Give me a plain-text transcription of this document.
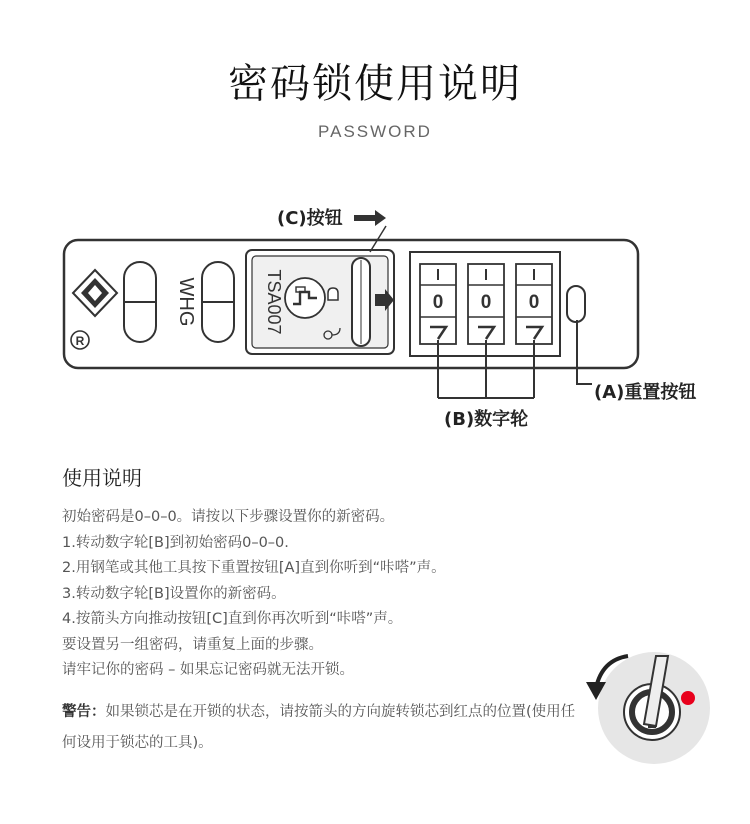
密码锁使用说明
PASSWORD
R
WHG	TSA007	0 0 0
(C)按钮
(A)重置按钮
(B)数字轮
使用说明
初始密码是0–0–0。请按以下步骤设置你的新密码。
1.转动数字轮[B]到初始密码0–0–0.
2.用钢笔或其他工具按下重置按钮[A]直到你听到“咔嗒”声。
3.转动数字轮[B]设置你的新密码。
4.按箭头方向推动按钮[C]直到你再次听到“咔嗒”声。
要设置另一组密码，请重复上面的步骤。
请牢记你的密码 – 如果忘记密码就无法开锁。
警告：如果锁芯是在开锁的状态，请按箭头的方向旋转锁芯到红点的位置(使用任何设用于锁芯的工具)。
